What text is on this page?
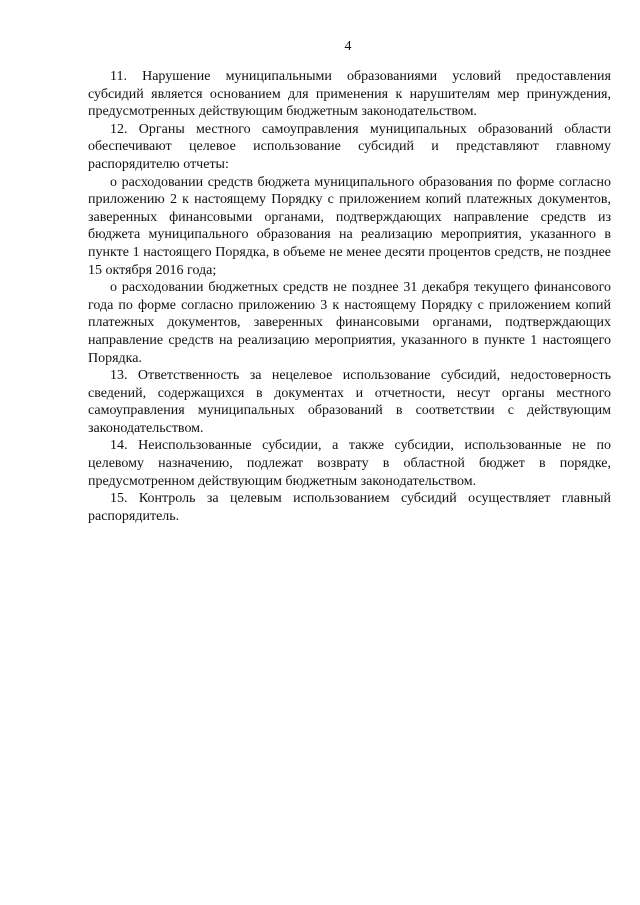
4

11. Нарушение муниципальными образованиями условий предоставления субсидий является основанием для применения к нарушителям мер принуждения, предусмотренных действующим бюджетным законодательством.

12. Органы местного самоуправления муниципальных образований области обеспечивают целевое использование субсидий и представляют главному распорядителю отчеты:

о расходовании средств бюджета муниципального образования по форме согласно приложению 2 к настоящему Порядку с приложением копий платежных документов, заверенных финансовыми органами, подтверждающих направление средств из бюджета муниципального образования на реализацию мероприятия, указанного в пункте 1 настоящего Порядка, в объеме не менее десяти процентов средств, не позднее 15 октября 2016 года;

о расходовании бюджетных средств не позднее 31 декабря текущего финансового года по форме согласно приложению 3 к настоящему Порядку с приложением копий платежных документов, заверенных финансовыми органами, подтверждающих направление средств на реализацию мероприятия, указанного в пункте 1 настоящего Порядка.

13. Ответственность за нецелевое использование субсидий, недостоверность сведений, содержащихся в документах и отчетности, несут органы местного самоуправления муниципальных образований в соответствии с действующим законодательством.

14. Неиспользованные субсидии, а также субсидии, использованные не по целевому назначению, подлежат возврату в областной бюджет в порядке, предусмотренном действующим бюджетным законодательством.

15. Контроль за целевым использованием субсидий осуществляет главный распорядитель.
